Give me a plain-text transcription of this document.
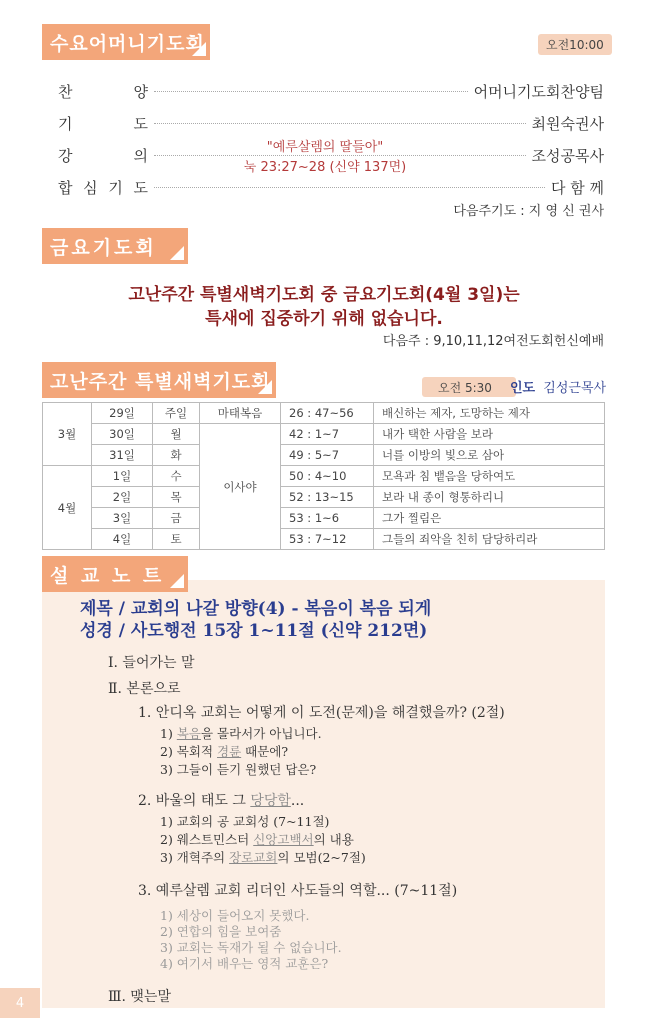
수요어머니기도회	오전10:00
찬	양	어머니기도회찬양팀
기	도	최원숙권사
강	의	조성공목사
합 심 기 도	다 함 께
"예루살렘의 딸들아"
눅 23:27~28 (신약 137면)
다음주기도 : 지 영 신 권사
금요기도회
고난주간 특별새벽기도회 중 금요기도회(4월 3일)는
특새에 집중하기 위해 없습니다.
다음주 : 9,10,11,12여전도회헌신예배
고난주간 특별새벽기도회	오전 5:30 인도 김성근목사
3월	29일	주일	마태복음	26 : 47~56	배신하는 제자, 도망하는 제자
	30일	월	이사야	42 : 1~7	내가 택한 사람을 보라
	31일	화		49 : 5~7	너를 이방의 빛으로 삼아
4월	1일	수		50 : 4~10	모욕과 침 뱉음을 당하여도
	2일	목		52 : 13~15	보라 내 종이 형통하리니
	3일	금		53 : 1~6	그가 찔림은
	4일	토		53 : 7~12	그들의 죄악을 친히 담당하리라
설 교 노 트
제목 / 교회의 나갈 방향(4) - 복음이 복음 되게
성경 / 사도행전 15장 1~11절 (신약 212면)
Ⅰ. 들어가는 말
Ⅱ. 본론으로
1. 안디옥 교회는 어떻게 이 도전(문제)을 해결했을까? (2절)
1) 복음을 몰라서가 아닙니다.
2) 목회적 경륜 때문에?
3) 그들이 듣기 원했던 답은?
2. 바울의 태도 그 당당함...
1) 교회의 공 교회성 (7~11절)
2) 웨스트민스터 신앙고백서의 내용
3) 개혁주의 장로교회의 모범(2~7절)
3. 예루살렘 교회 리더인 사도들의 역할... (7~11절)
1) 세상이 들어오지 못했다.
2) 연합의 힘을 보여줌
3) 교회는 독재가 될 수 없습니다.
4) 여기서 배우는 영적 교훈은?
Ⅲ. 맺는말
4
